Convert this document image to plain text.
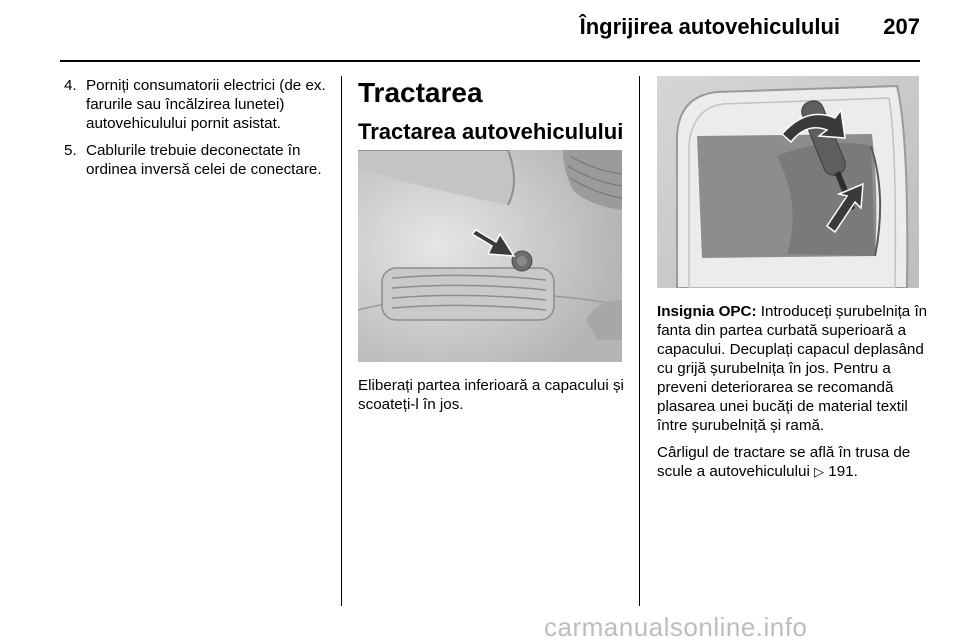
Îngrijirea autovehiculului 207
4. Porniți consumatorii electrici (de ex. farurile sau încălzirea lunetei) autovehiculului pornit asistat.
5. Cablurile trebuie deconectate în ordinea inversă celei de conectare.
Tractarea
Tractarea autovehiculului
Eliberați partea inferioară a capacului și scoateți-l în jos.

Insignia OPC: Introduceți șurubelnița în fanta din partea curbată superioară a capacului. Decuplați capacul deplasând cu grijă șurubelnița în jos. Pentru a preveni deteriorarea se recomandă plasarea unei bucăți de material textil între șurubelniță și ramă.

Cârligul de tractare se află în trusa de scule a autovehiculului ▷ 191.

carmanualsonline.info
